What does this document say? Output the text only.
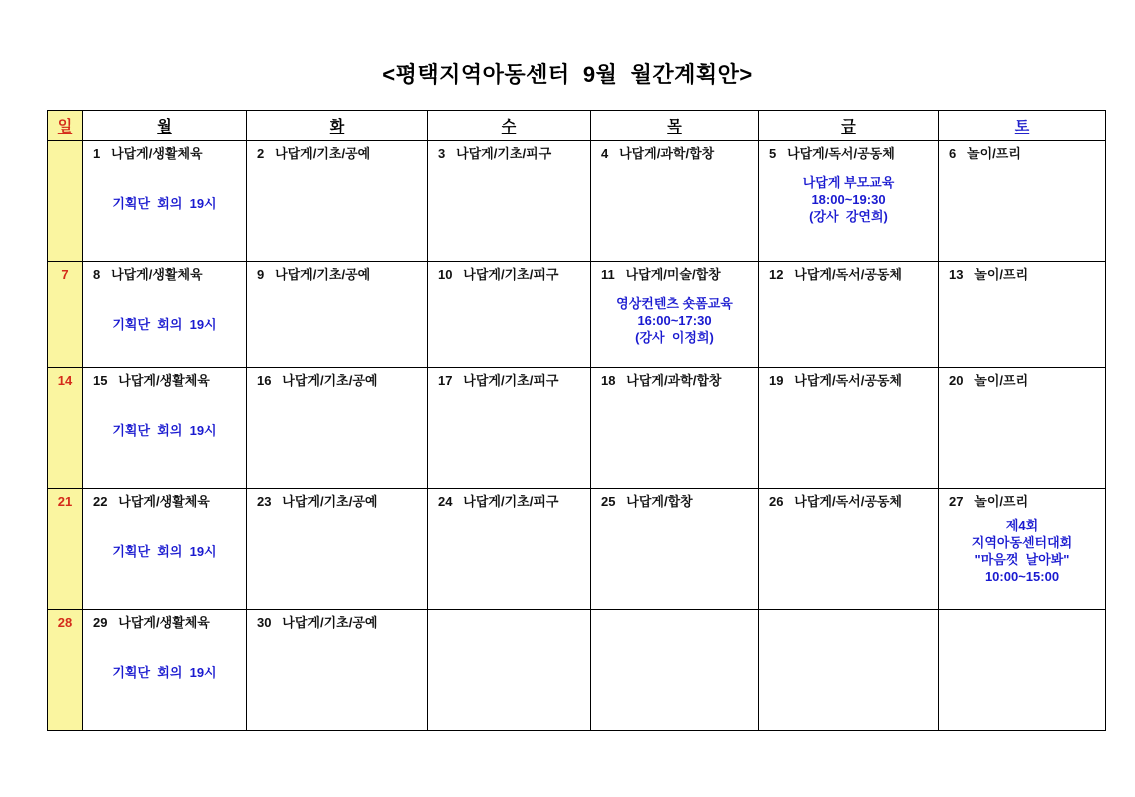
<평택지역아동센터  9월  월간계획안>
일	월	화	수	목	금	토

	1   나답게/생활체육
기획단  회의  19시	2   나답게/기초/공예	3   나답게/기초/피구	4   나답게/과학/합창	5   나답게/독서/공동체
나답게 부모교육
18:00~19:30
(강사  강연희)	6   놀이/프리

7	8   나답게/생활체육
기획단  회의  19시	9   나답게/기초/공예	10   나답게/기초/피구	11   나답게/미술/합창
영상컨텐츠 숏폼교육
16:00~17:30
(강사  이정희)	12   나답게/독서/공동체	13   놀이/프리

14	15   나답게/생활체육
기획단  회의  19시	16   나답게/기초/공예	17   나답게/기초/피구	18   나답게/과학/합창	19   나답게/독서/공동체	20   놀이/프리

21	22   나답게/생활체육
기획단  회의  19시	23   나답게/기초/공예	24   나답게/기초/피구	25   나답게/합창	26   나답게/독서/공동체	27   놀이/프리
제4회
지역아동센터대회
"마음껏  날아봐"
10:00~15:00

28	29   나답게/생활체육
기획단  회의  19시	30   나답게/기초/공예				
